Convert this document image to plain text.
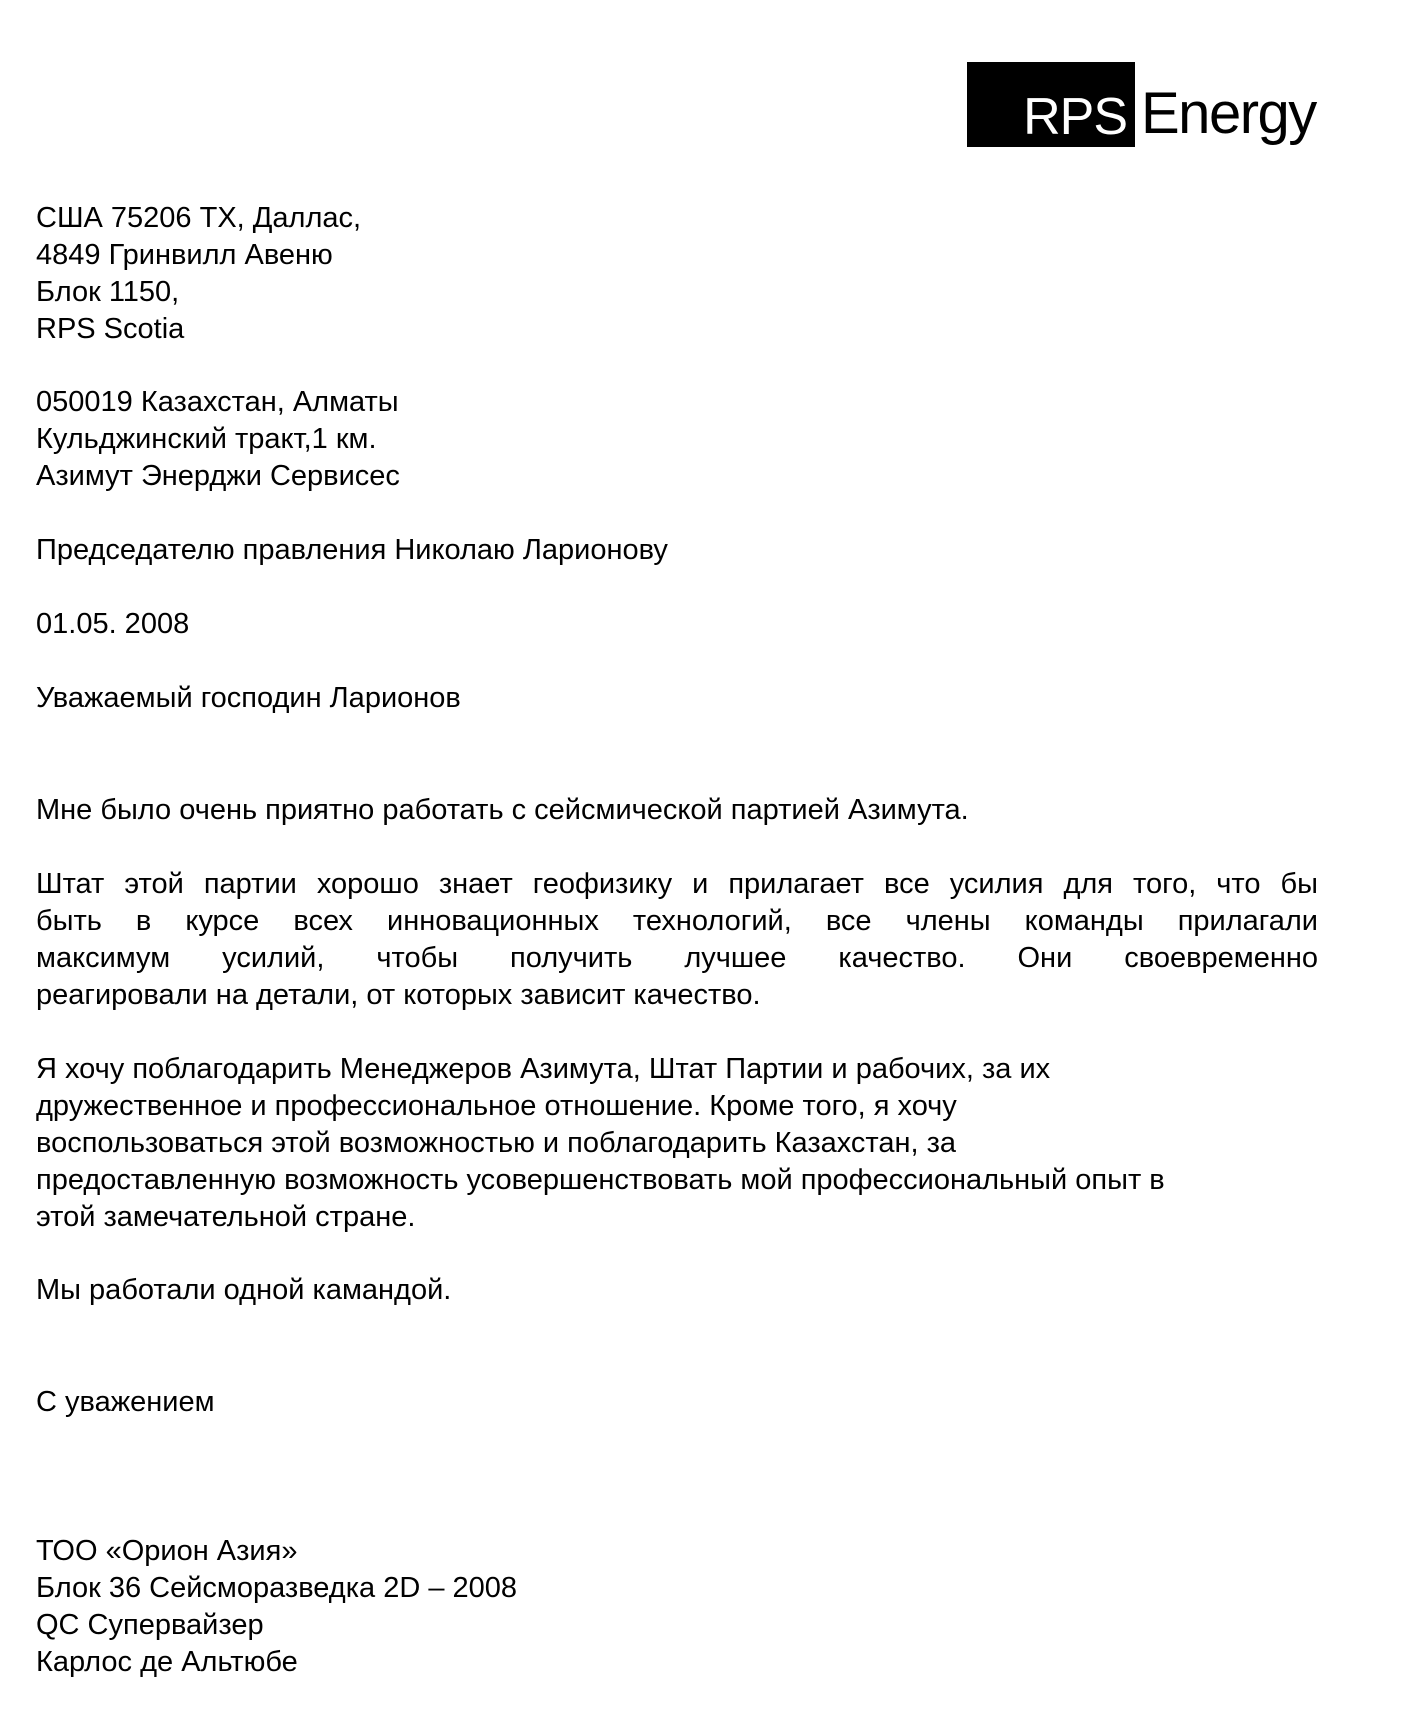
RPS Energy
США 75206 ТХ, Даллас,
4849 Гринвилл Авеню
Блок 1150,
RPS Scotia
050019 Казахстан, Алматы
Кульджинский тракт,1 км.
Азимут Энерджи Сервисес
Председателю правления Николаю Ларионову
01.05. 2008
Уважаемый господин Ларионов
Мне было очень приятно работать с сейсмической партией Азимута.
Штат этой партии хорошо знает геофизику и прилагает все усилия для того, что бы
быть в курсе всех инновационных технологий, все члены команды прилагали
максимум усилий, чтобы получить лучшее качество. Они своевременно
реагировали на детали, от которых зависит качество.
Я хочу поблагодарить Менеджеров Азимута, Штат Партии и рабочих, за их
дружественное и профессиональное отношение. Кроме того, я хочу
воспользоваться этой возможностью и поблагодарить Казахстан, за
предоставленную возможность усовершенствовать мой профессиональный опыт в
этой замечательной стране.
Мы работали одной камандой.
С уважением
ТОО «Орион Азия»
Блок 36 Сейсморазведка 2D – 2008
QC Супервайзер
Карлос де Альтюбе
